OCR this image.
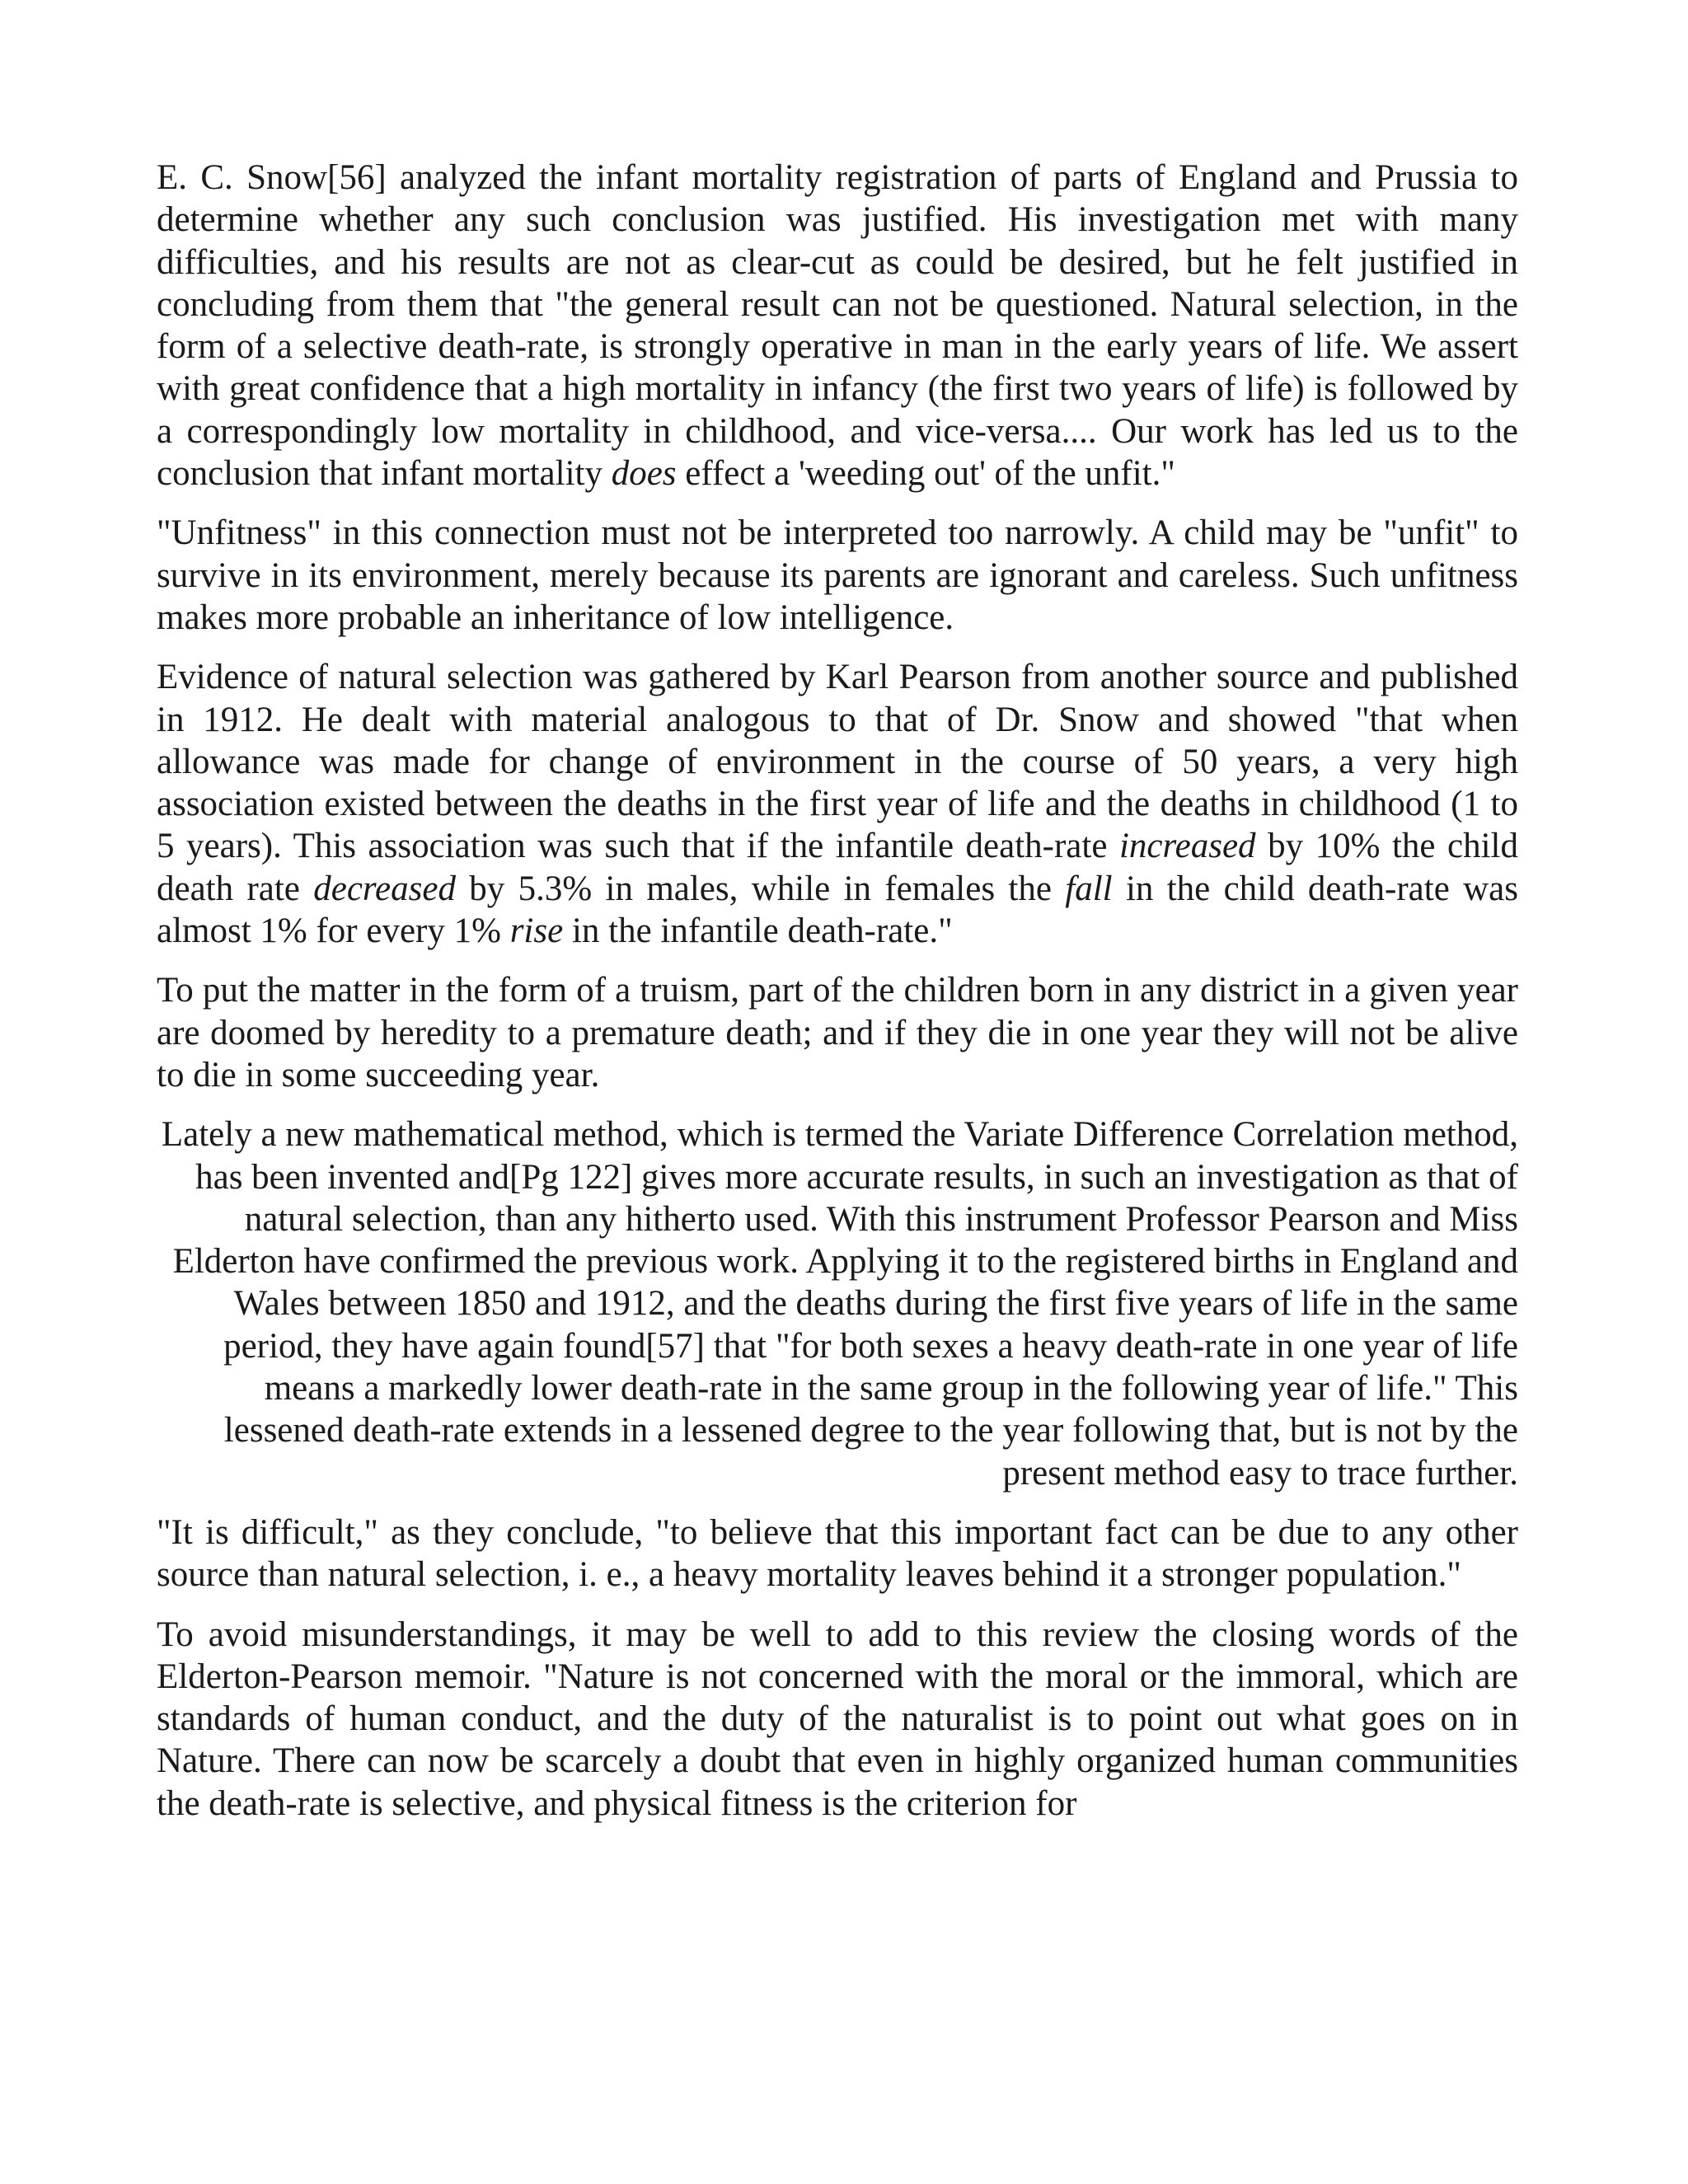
E. C. Snow[56] analyzed the infant mortality registration of parts of England and Prussia to determine whether any such conclusion was justified. His investigation met with many difficulties, and his results are not as clear-cut as could be desired, but he felt justified in concluding from them that "the general result can not be questioned. Natural selection, in the form of a selective death-rate, is strongly operative in man in the early years of life. We assert with great confidence that a high mortality in infancy (the first two years of life) is followed by a correspondingly low mortality in childhood, and vice-versa.... Our work has led us to the conclusion that infant mortality does effect a 'weeding out' of the unfit."

"Unfitness" in this connection must not be interpreted too narrowly. A child may be "unfit" to survive in its environment, merely because its parents are ignorant and careless. Such unfitness makes more probable an inheritance of low intelligence.

Evidence of natural selection was gathered by Karl Pearson from another source and published in 1912. He dealt with material analogous to that of Dr. Snow and showed "that when allowance was made for change of environment in the course of 50 years, a very high association existed between the deaths in the first year of life and the deaths in childhood (1 to 5 years). This association was such that if the infantile death-rate increased by 10% the child death rate decreased by 5.3% in males, while in females the fall in the child death-rate was almost 1% for every 1% rise in the infantile death-rate."

To put the matter in the form of a truism, part of the children born in any district in a given year are doomed by heredity to a premature death; and if they die in one year they will not be alive to die in some succeeding year.

Lately a new mathematical method, which is termed the Variate Difference Correlation method, has been invented and[Pg 122] gives more accurate results, in such an investigation as that of natural selection, than any hitherto used. With this instrument Professor Pearson and Miss Elderton have confirmed the previous work. Applying it to the registered births in England and Wales between 1850 and 1912, and the deaths during the first five years of life in the same period, they have again found[57] that "for both sexes a heavy death-rate in one year of life means a markedly lower death-rate in the same group in the following year of life." This lessened death-rate extends in a lessened degree to the year following that, but is not by the present method easy to trace further.

"It is difficult," as they conclude, "to believe that this important fact can be due to any other source than natural selection, i. e., a heavy mortality leaves behind it a stronger population."

To avoid misunderstandings, it may be well to add to this review the closing words of the Elderton-Pearson memoir. "Nature is not concerned with the moral or the immoral, which are standards of human conduct, and the duty of the naturalist is to point out what goes on in Nature. There can now be scarcely a doubt that even in highly organized human communities the death-rate is selective, and physical fitness is the criterion for
